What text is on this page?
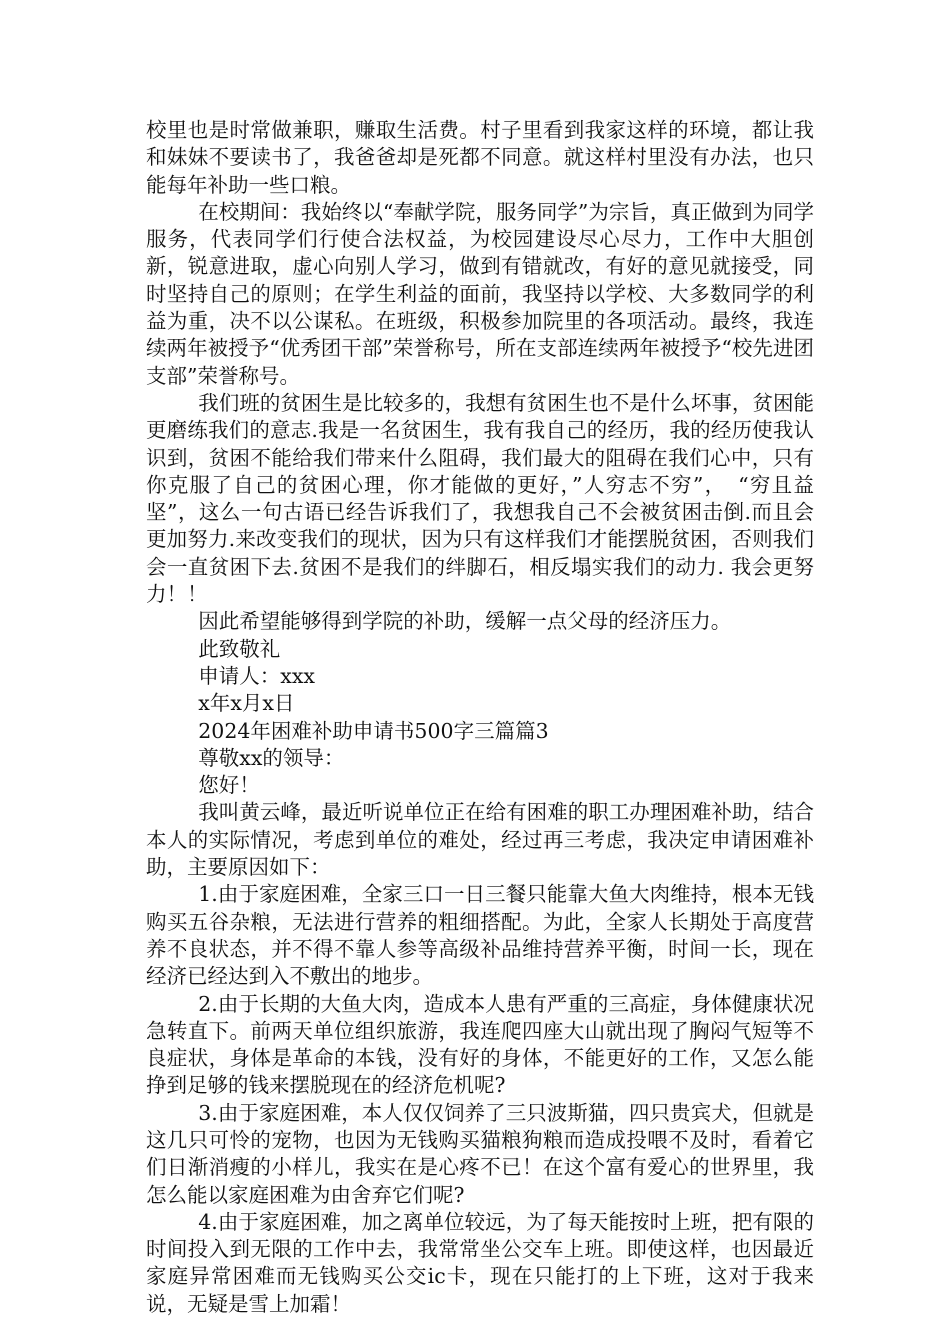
校里也是时常做兼职，赚取生活费。村子里看到我家这样的环境，都让我和妹妹不要读书了，我爸爸却是死都不同意。就这样村里没有办法，也只能每年补助一些口粮。

在校期间：我始终以“奉献学院，服务同学”为宗旨，真正做到为同学服务，代表同学们行使合法权益，为校园建设尽心尽力，工作中大胆创新，锐意进取，虚心向别人学习，做到有错就改，有好的意见就接受，同时坚持自己的原则；在学生利益的面前，我坚持以学校、大多数同学的利益为重，决不以公谋私。在班级，积极参加院里的各项活动。最终，我连续两年被授予“优秀团干部”荣誉称号，所在支部连续两年被授予“校先进团支部”荣誉称号。

我们班的贫困生是比较多的，我想有贫困生也不是什么坏事，贫困能更磨练我们的意志.我是一名贫困生，我有我自己的经历，我的经历使我认识到，贫困不能给我们带来什么阻碍，我们最大的阻碍在我们心中，只有你克服了自己的贫困心理，你才能做的更好，”人穷志不穷”，　“穷且益坚”，这么一句古语已经告诉我们了，我想我自己不会被贫困击倒.而且会更加努力.来改变我们的现状，因为只有这样我们才能摆脱贫困，否则我们会一直贫困下去.贫困不是我们的绊脚石，相反塌实我们的动力. 我会更努力！！

因此希望能够得到学院的补助，缓解一点父母的经济压力。

此致敬礼

申请人：xxx

x年x月x日

2024年困难补助申请书500字三篇篇3

尊敬xx的领导：

您好！

我叫黄云峰，最近听说单位正在给有困难的职工办理困难补助，结合本人的实际情况，考虑到单位的难处，经过再三考虑，我决定申请困难补助，主要原因如下：

1.由于家庭困难，全家三口一日三餐只能靠大鱼大肉维持，根本无钱购买五谷杂粮，无法进行营养的粗细搭配。为此，全家人长期处于高度营养不良状态，并不得不靠人参等高级补品维持营养平衡，时间一长，现在经济已经达到入不敷出的地步。

2.由于长期的大鱼大肉，造成本人患有严重的三高症，身体健康状况急转直下。前两天单位组织旅游，我连爬四座大山就出现了胸闷气短等不良症状，身体是革命的本钱，没有好的身体，不能更好的工作，又怎么能挣到足够的钱来摆脱现在的经济危机呢?

3.由于家庭困难，本人仅仅饲养了三只波斯猫，四只贵宾犬，但就是这几只可怜的宠物，也因为无钱购买猫粮狗粮而造成投喂不及时，看着它们日渐消瘦的小样儿，我实在是心疼不已！在这个富有爱心的世界里，我怎么能以家庭困难为由舍弃它们呢?

4.由于家庭困难，加之离单位较远，为了每天能按时上班，把有限的时间投入到无限的工作中去，我常常坐公交车上班。即使这样，也因最近家庭异常困难而无钱购买公交ic卡，现在只能打的上下班，这对于我来说，无疑是雪上加霜！
